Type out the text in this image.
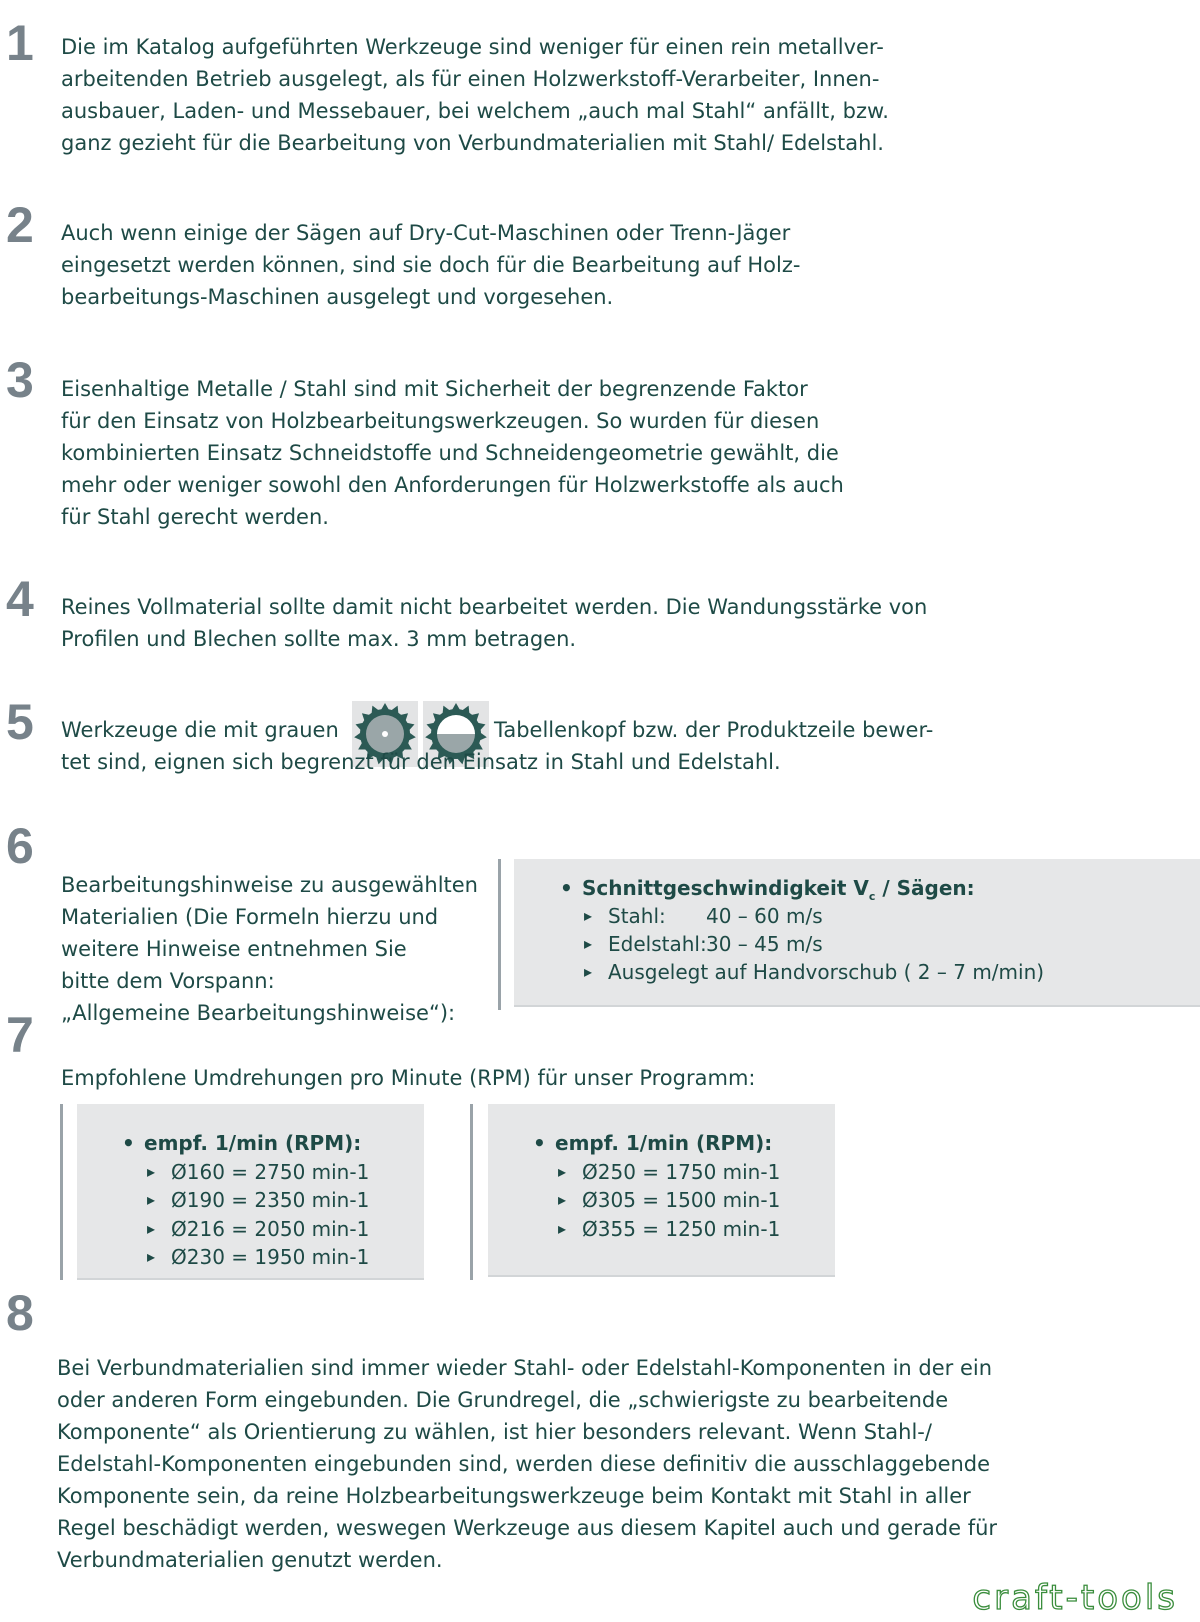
1
2
3
4
5
6
7
8
Die im Katalog aufgeführten Werkzeuge sind weniger für einen rein metallver-
arbeitenden Betrieb ausgelegt, als für einen Holzwerkstoff-Verarbeiter, Innen-
ausbauer, Laden- und Messebauer, bei welchem „auch mal Stahl“ anfällt, bzw.
ganz gezieht für die Bearbeitung von Verbundmaterialien mit Stahl/ Edelstahl.
Auch wenn einige der Sägen auf Dry-Cut-Maschinen oder Trenn-Jäger
eingesetzt werden können, sind sie doch für die Bearbeitung auf Holz-
bearbeitungs-Maschinen ausgelegt und vorgesehen.
Eisenhaltige Metalle / Stahl sind mit Sicherheit der begrenzende Faktor
für den Einsatz von Holzbearbeitungswerkzeugen. So wurden für diesen
kombinierten Einsatz Schneidstoffe und Schneidengeometrie gewählt, die
mehr oder weniger sowohl den Anforderungen für Holzwerkstoffe als auch
für Stahl gerecht werden.
Reines Vollmaterial sollte damit nicht bearbeitet werden. Die Wandungsstärke von
Profilen und Blechen sollte max. 3 mm betragen.
Werkzeuge die mit grauen	Tabellenkopf bzw. der Produktzeile bewer-
tet sind, eignen sich begrenzt für den Einsatz in Stahl und Edelstahl.
Bearbeitungshinweise zu ausgewählten
Materialien (Die Formeln hierzu und
weitere Hinweise entnehmen Sie
bitte dem Vorspann:
„Allgemeine Bearbeitungshinweise“):
• Schnittgeschwindigkeit $V_c$ / Sägen:
▸ Stahl: 40 – 60 m/s
▸ Edelstahl:30 – 45 m/s
▸ Ausgelegt auf Handvorschub ( 2 – 7 m/min)
Empfohlene Umdrehungen pro Minute (RPM) für unser Programm:
• empf. 1/min (RPM):
▸ Ø160 = 2750 min-1
▸ Ø190 = 2350 min-1
▸ Ø216 = 2050 min-1
▸ Ø230 = 1950 min-1
• empf. 1/min (RPM):
▸ Ø250 = 1750 min-1
▸ Ø305 = 1500 min-1
▸ Ø355 = 1250 min-1
Bei Verbundmaterialien sind immer wieder Stahl- oder Edelstahl-Komponenten in der ein
oder anderen Form eingebunden. Die Grundregel, die „schwierigste zu bearbeitende
Komponente“ als Orientierung zu wählen, ist hier besonders relevant. Wenn Stahl-/
Edelstahl-Komponenten eingebunden sind, werden diese definitiv die ausschlaggebende
Komponente sein, da reine Holzbearbeitungswerkzeuge beim Kontakt mit Stahl in aller
Regel beschädigt werden, weswegen Werkzeuge aus diesem Kapitel auch und gerade für
Verbundmaterialien genutzt werden.
craft-tools
